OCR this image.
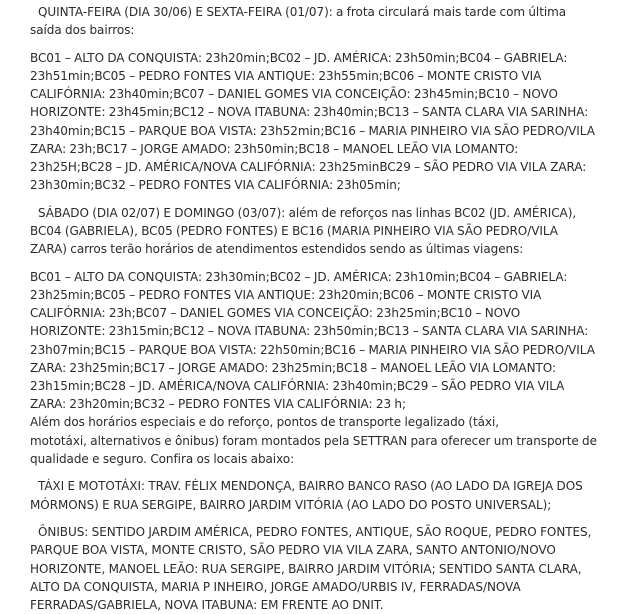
QUINTA-FEIRA (DIA 30/06) E SEXTA-FEIRA (01/07): a frota circulará mais tarde com última saída dos bairros:

BC01 – ALTO DA CONQUISTA: 23h20min;BC02 – JD. AMÉRICA: 23h50min;BC04 – GABRIELA: 23h51min;BC05 – PEDRO FONTES VIA ANTIQUE: 23h55min;BC06 – MONTE CRISTO VIA CALIFÓRNIA: 23h40min;BC07 – DANIEL GOMES VIA CONCEIÇÃO: 23h45min;BC10 – NOVO HORIZONTE: 23h45min;BC12 – NOVA ITABUNA: 23h40min;BC13 – SANTA CLARA VIA SARINHA: 23h40min;BC15 – PARQUE BOA VISTA: 23h52min;BC16 – MARIA PINHEIRO VIA SÃO PEDRO/VILA ZARA: 23h;BC17 – JORGE AMADO: 23h50min;BC18 – MANOEL LEÃO VIA LOMANTO: 23h25H;BC28 – JD. AMÉRICA/NOVA CALIFÓRNIA: 23h25minBC29 – SÃO PEDRO VIA VILA ZARA: 23h30min;BC32 – PEDRO FONTES VIA CALIFÓRNIA: 23h05min;

SÁBADO (DIA 02/07) E DOMINGO (03/07): além de reforços nas linhas BC02 (JD. AMÉRICA), BC04 (GABRIELA), BC05 (PEDRO FONTES) E BC16 (MARIA PINHEIRO VIA SÃO PEDRO/VILA ZARA) carros terão horários de atendimentos estendidos sendo as últimas viagens:

BC01 – ALTO DA CONQUISTA: 23h30min;BC02 – JD. AMÉRICA: 23h10min;BC04 – GABRIELA: 23h25min;BC05 – PEDRO FONTES VIA ANTIQUE: 23h20min;BC06 – MONTE CRISTO VIA CALIFÓRNIA: 23h;BC07 – DANIEL GOMES VIA CONCEIÇÃO: 23h25min;BC10 – NOVO HORIZONTE: 23h15min;BC12 – NOVA ITABUNA: 23h50min;BC13 – SANTA CLARA VIA SARINHA: 23h07min;BC15 – PARQUE BOA VISTA: 22h50min;BC16 – MARIA PINHEIRO VIA SÃO PEDRO/VILA ZARA: 23h25min;BC17 – JORGE AMADO: 23h25min;BC18 – MANOEL LEÃO VIA LOMANTO: 23h15min;BC28 – JD. AMÉRICA/NOVA CALIFÓRNIA: 23h40min;BC29 – SÃO PEDRO VIA VILA ZARA: 23h20min;BC32 – PEDRO FONTES VIA CALIFÓRNIA: 23 h;
Além dos horários especiais e do reforço, pontos de transporte legalizado (táxi,
mototáxi, alternativos e ônibus) foram montados pela SETTRAN para oferecer um transporte de qualidade e seguro. Confira os locais abaixo:

TÁXI E MOTOTÁXI: TRAV. FÉLIX MENDONÇA, BAIRRO BANCO RASO (AO LADO DA IGREJA DOS MÓRMONS) E RUA SERGIPE, BAIRRO JARDIM VITÓRIA (AO LADO DO POSTO UNIVERSAL);

ÔNIBUS: SENTIDO JARDIM AMÉRICA, PEDRO FONTES, ANTIQUE, SÃO ROQUE, PEDRO FONTES, PARQUE BOA VISTA, MONTE CRISTO, SÃO PEDRO VIA VILA ZARA, SANTO ANTONIO/NOVO HORIZONTE, MANOEL LEÃO: RUA SERGIPE, BAIRRO JARDIM VITÓRIA; SENTIDO SANTA CLARA, ALTO DA CONQUISTA, MARIA P INHEIRO, JORGE AMADO/URBIS IV, FERRADAS/NOVA FERRADAS/GABRIELA, NOVA ITABUNA: EM FRENTE AO DNIT.
